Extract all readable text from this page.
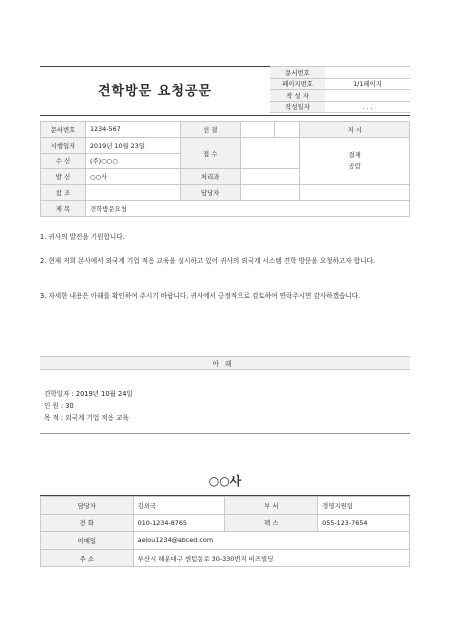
견학방문 요청공문	문서번호	
	페이지번호	1/1페이지
	작 성 자	
	작성일자	. . .
문서번호	1234-567	선 결			지 시
시행일자	2019년 10월 23일	접 수			결재
공람
수 신	(주)○○○				
발 신	○○사	처리과			
참 조		담당자			
제 목	견학방문요청				
1. 귀사의 발전을 기원합니다.
2. 현재 저희 본사에서 외국계 기업 적응 교육을 실시하고 있어 귀사의 외국계 시스템 견학 방문을 요청하고자 합니다.
3. 자세한 내용은 아래를 확인하여 주시기 바랍니다. 귀사에서 긍정적으로 검토하여 연락주시면 감사하겠습니다.
아래
견학일자 : 2019년 10월 24일
인 원 : 30
목 적 : 외국계 기업 적응 교육
○○사
담당자	김외국	부 서	경영지원팀
전 화	010-1234-8765	팩 스	055-123-7654
이메일	aeiou1234@abced.com		
주 소	부산시 해운대구 센텀동로 30-330번지 비즈빌딩		
